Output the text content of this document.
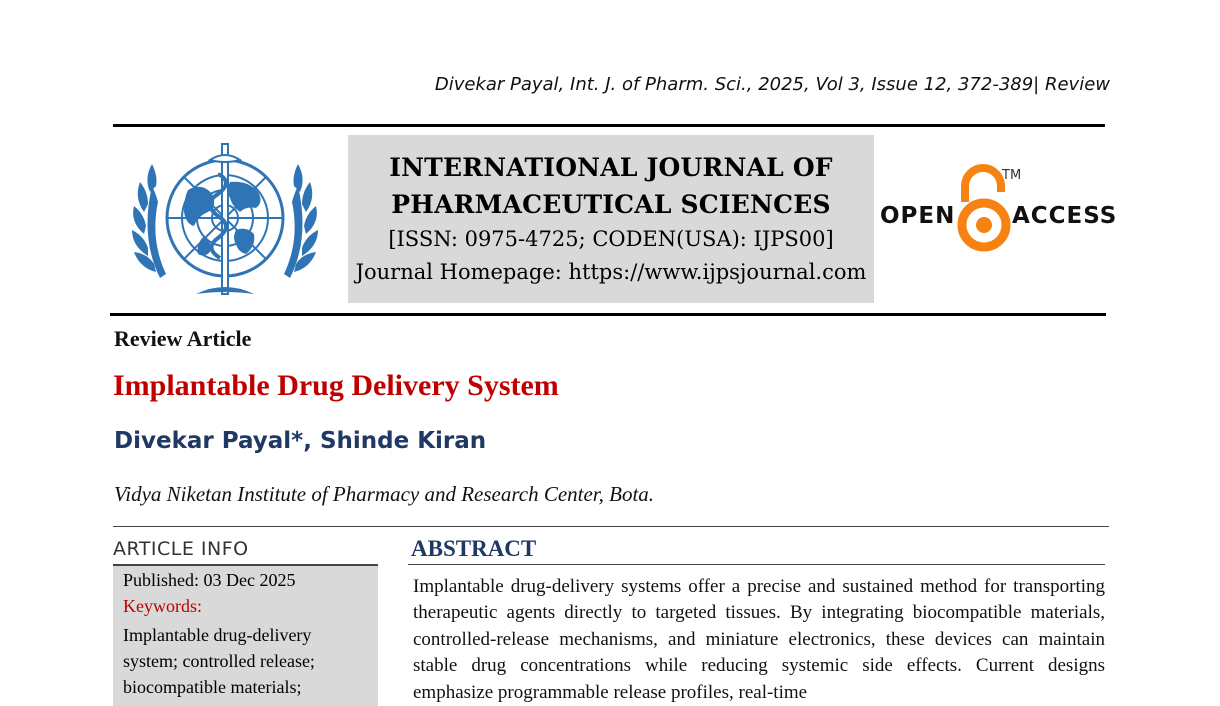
Divekar Payal, Int. J. of Pharm. Sci., 2025, Vol 3, Issue 12, 372-389| Review
INTERNATIONAL JOURNAL OF
PHARMACEUTICAL SCIENCES
[ISSN: 0975-4725; CODEN(USA): IJPS00]
Journal Homepage: https://www.ijpsjournal.com
OPEN
TM
ACCESS
Review Article
Implantable Drug Delivery System
Divekar Payal*, Shinde Kiran
Vidya Niketan Institute of Pharmacy and Research Center, Bota.
ARTICLE INFO
Published: 03 Dec 2025
Keywords:
Implantable drug-delivery
system; controlled release;
biocompatible materials;
ABSTRACT
Implantable drug-delivery systems offer a precise and sustained method for transporting therapeutic agents directly to targeted tissues. By integrating biocompatible materials, controlled-release mechanisms, and miniature electronics, these devices can maintain stable drug concentrations while reducing systemic side effects. Current designs emphasize programmable release profiles, real-time
